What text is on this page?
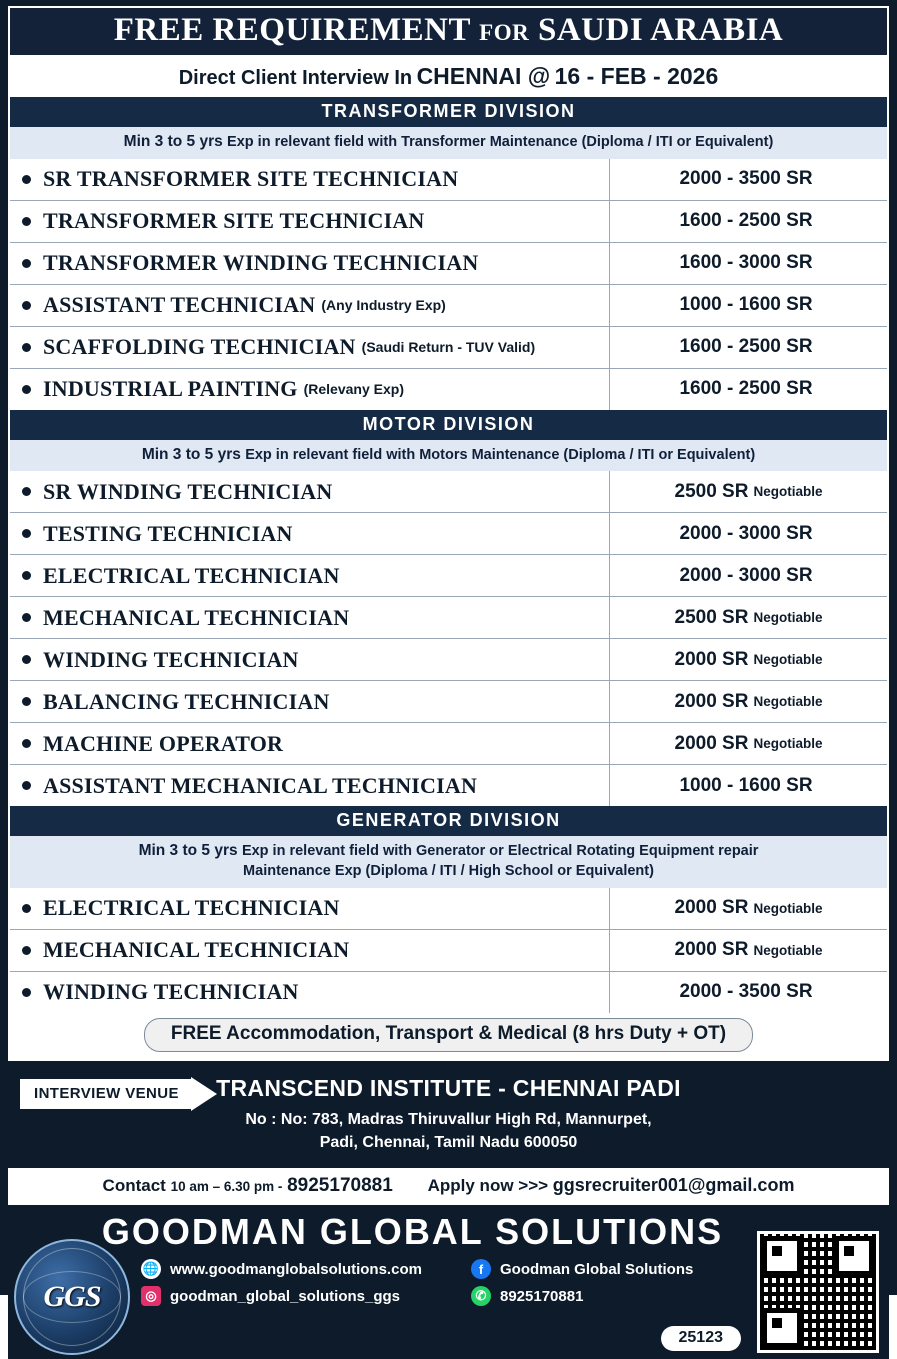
FREE REQUIREMENT FOR SAUDI ARABIA
Direct Client Interview In CHENNAI @ 16 - FEB - 2026
TRANSFORMER DIVISION
Min 3 to 5 yrs Exp in relevant field with Transformer Maintenance (Diploma / ITI or Equivalent)
SR TRANSFORMER SITE TECHNICIAN	2000 - 3500 SR
TRANSFORMER SITE TECHNICIAN	1600 - 2500 SR
TRANSFORMER WINDING TECHNICIAN	1600 - 3000 SR
ASSISTANT TECHNICIAN (Any Industry Exp)	1000 - 1600 SR
SCAFFOLDING TECHNICIAN (Saudi Return - TUV Valid)	1600 - 2500 SR
INDUSTRIAL PAINTING (Relevany Exp)	1600 - 2500 SR
MOTOR DIVISION
Min 3 to 5 yrs Exp in relevant field with Motors Maintenance (Diploma / ITI or Equivalent)
SR WINDING TECHNICIAN	2500 SR Negotiable
TESTING TECHNICIAN	2000 - 3000 SR
ELECTRICAL TECHNICIAN	2000 - 3000 SR
MECHANICAL TECHNICIAN	2500 SR Negotiable
WINDING TECHNICIAN	2000 SR Negotiable
BALANCING TECHNICIAN	2000 SR Negotiable
MACHINE OPERATOR	2000 SR Negotiable
ASSISTANT MECHANICAL TECHNICIAN	1000 - 1600 SR
GENERATOR DIVISION
Min 3 to 5 yrs Exp in relevant field with Generator or Electrical Rotating Equipment repair
Maintenance Exp (Diploma / ITI / High School or Equivalent)
ELECTRICAL TECHNICIAN	2000 SR Negotiable
MECHANICAL TECHNICIAN	2000 SR Negotiable
WINDING TECHNICIAN	2000 - 3500 SR
FREE Accommodation, Transport & Medical (8 hrs Duty + OT)
INTERVIEW VENUE	TRANSCEND INSTITUTE - CHENNAI PADI
No : No: 783, Madras Thiruvallur High Rd, Mannurpet,
Padi, Chennai, Tamil Nadu 600050
Contact 10 am – 6.30 pm - 8925170881 Apply now >>> ggsrecruiter001@gmail.com
GOODMAN GLOBAL SOLUTIONS
🌐 www.goodmanglobalsolutions.com	f	Goodman Global Solutions
◎ goodman_global_solutions_ggs	✆ 8925170881
GGS
25123
